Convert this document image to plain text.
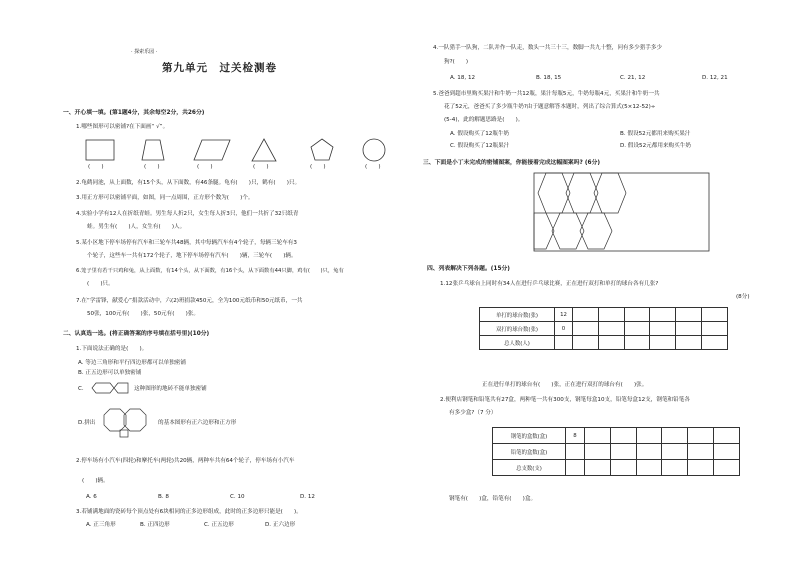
· 探索乐园 ·
第九单元　过关检测卷
一、开心填一填。(第1题4分，其余每空2分，共26分)
1.哪些图形可以密铺?在下面画“ √”。
(　　)	(　　)	(　　)	(　　)	(　　)	(　　)
2.龟鹤同池，从上面数，有15个头，从下面数，有46条腿。龟有(　　)只，鹤有(　　)只。
3.用正方形可以密铺平面，如图，同一点周围，正方形个数为(　　)个。
4.实验小学有12人在折纸青蛙。男生每人折2只，女生每人折3只，他们一共折了32只纸青
蛙。男生有(　　)人，女生有(　　)人。
5.某小区地下停车场停有汽车和三轮车共48辆，其中每辆汽车有4个轮子，每辆三轮车有3
个轮子，这些车一共有172个轮子，地下停车场停有汽车(　　)辆，三轮车(　　)辆。
6.笼子里有若干只鸡和兔，从上面数，有14个头，从下面数，有16个头，从下面数有44只脚，鸡有(　　)只，兔有
(　　)只。
7.在“学雷锋，献爱心”捐款活动中，六(2)班捐款450元，全为100元纸币和50元纸币，一共
50张，100元有(　　)张，50元有(　　)张。
二、认真选一选。(将正确答案的序号填在括号里)(10分)
1.下面说法正确的是(　　)。
A. 等边三角形和平行四边形都可以单独密铺
B. 正五边形可以单独密铺
C.	这种图形的地砖不能单独密铺
D.拼出	的基本图形有正六边形和正方形
2.停车场有小汽车(四轮)和摩托车(两轮)共20辆，两种车共有64个轮子，停车场有小汽车
(　　)辆。
A. 6	B. 8	C. 10	D. 12
3.若铺满地面的瓷砖每个顶点处有6块相同的正多边形组成，此时的正多边形只能是(　　)。
A. 正三角形	B. 正四边形	C. 正五边形	D. 正六边形
4.一队猎手一队狗，二队并作一队走，数头一共三十三，数脚一共九十整，问有多少猎手多少
狗?(　　)
A. 18, 12	B. 18, 15	C. 21, 12	D. 12, 21
5.爸爸到超市里购买果汁和牛奶一共12瓶，果汁每瓶5元，牛奶每瓶4元，买果汁和牛奶一共
花了52元，爸爸买了多少瓶牛奶?由于题意解答本题时，列出了综合算式(5×12-52)÷
(5-4)，此的解题思路是(　　)。
A. 假设购买了12瓶牛奶	B. 假设52元都用来购买果汁
C. 假设购买了12瓶果汁	D. 假设52元都用来购买牛奶
三、下面是小丁未完成的密铺图案，你能接着完成这幅图案吗? (6分)
四、列表解决下列各题。(15分)
1.12张乒乓球台上同时有34人在进行乒乓球比赛，正在进行双打和单打的球台各有几张?
(8分)
单打的球台数(张)	12						
双打的球台数(张)	0						
总人数(人)							
正在进行单打的球台有(　　)张，正在进行双打的球台有(　　)张。
2.便利店钢笔和铅笔共有27盒，两种笔一共有300支，钢笔每盒10支，铅笔每盒12支，钢笔和铅笔各
有多少盒?（7 分）
钢笔的盒数(盒)	8						
铅笔的盒数(盒)							
总支数(支)							
钢笔有(　　)盒，铅笔有(　　)盒。
